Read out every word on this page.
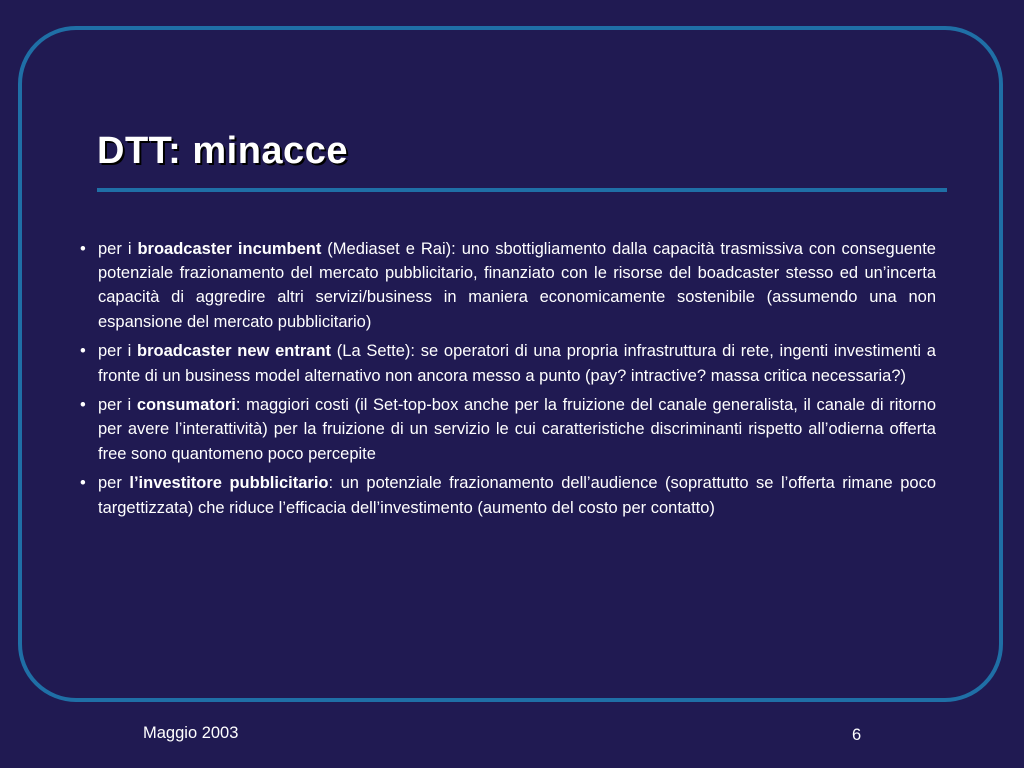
DTT: minacce
• per i broadcaster incumbent (Mediaset e Rai): uno sbottigliamento dalla capacità trasmissiva con conseguente potenziale frazionamento del mercato pubblicitario, finanziato con le risorse del boadcaster stesso ed un’incerta capacità di aggredire altri servizi/business in maniera economicamente sostenibile (assumendo una non espansione del mercato pubblicitario)
• per i broadcaster new entrant (La Sette): se operatori di una propria infrastruttura di rete, ingenti investimenti a fronte di un business model alternativo non ancora messo a punto (pay? intractive? massa critica necessaria?)
• per i consumatori: maggiori costi (il Set-top-box anche per la fruizione del canale generalista, il canale di ritorno per avere l’interattività) per la fruizione di un servizio le cui caratteristiche discriminanti rispetto all’odierna offerta free sono quantomeno poco percepite
• per l’investitore pubblicitario: un potenziale frazionamento dell’audience (soprattutto se l’offerta rimane poco targettizzata) che riduce l’efficacia dell’investimento (aumento del costo per contatto)
Maggio 2003	6
